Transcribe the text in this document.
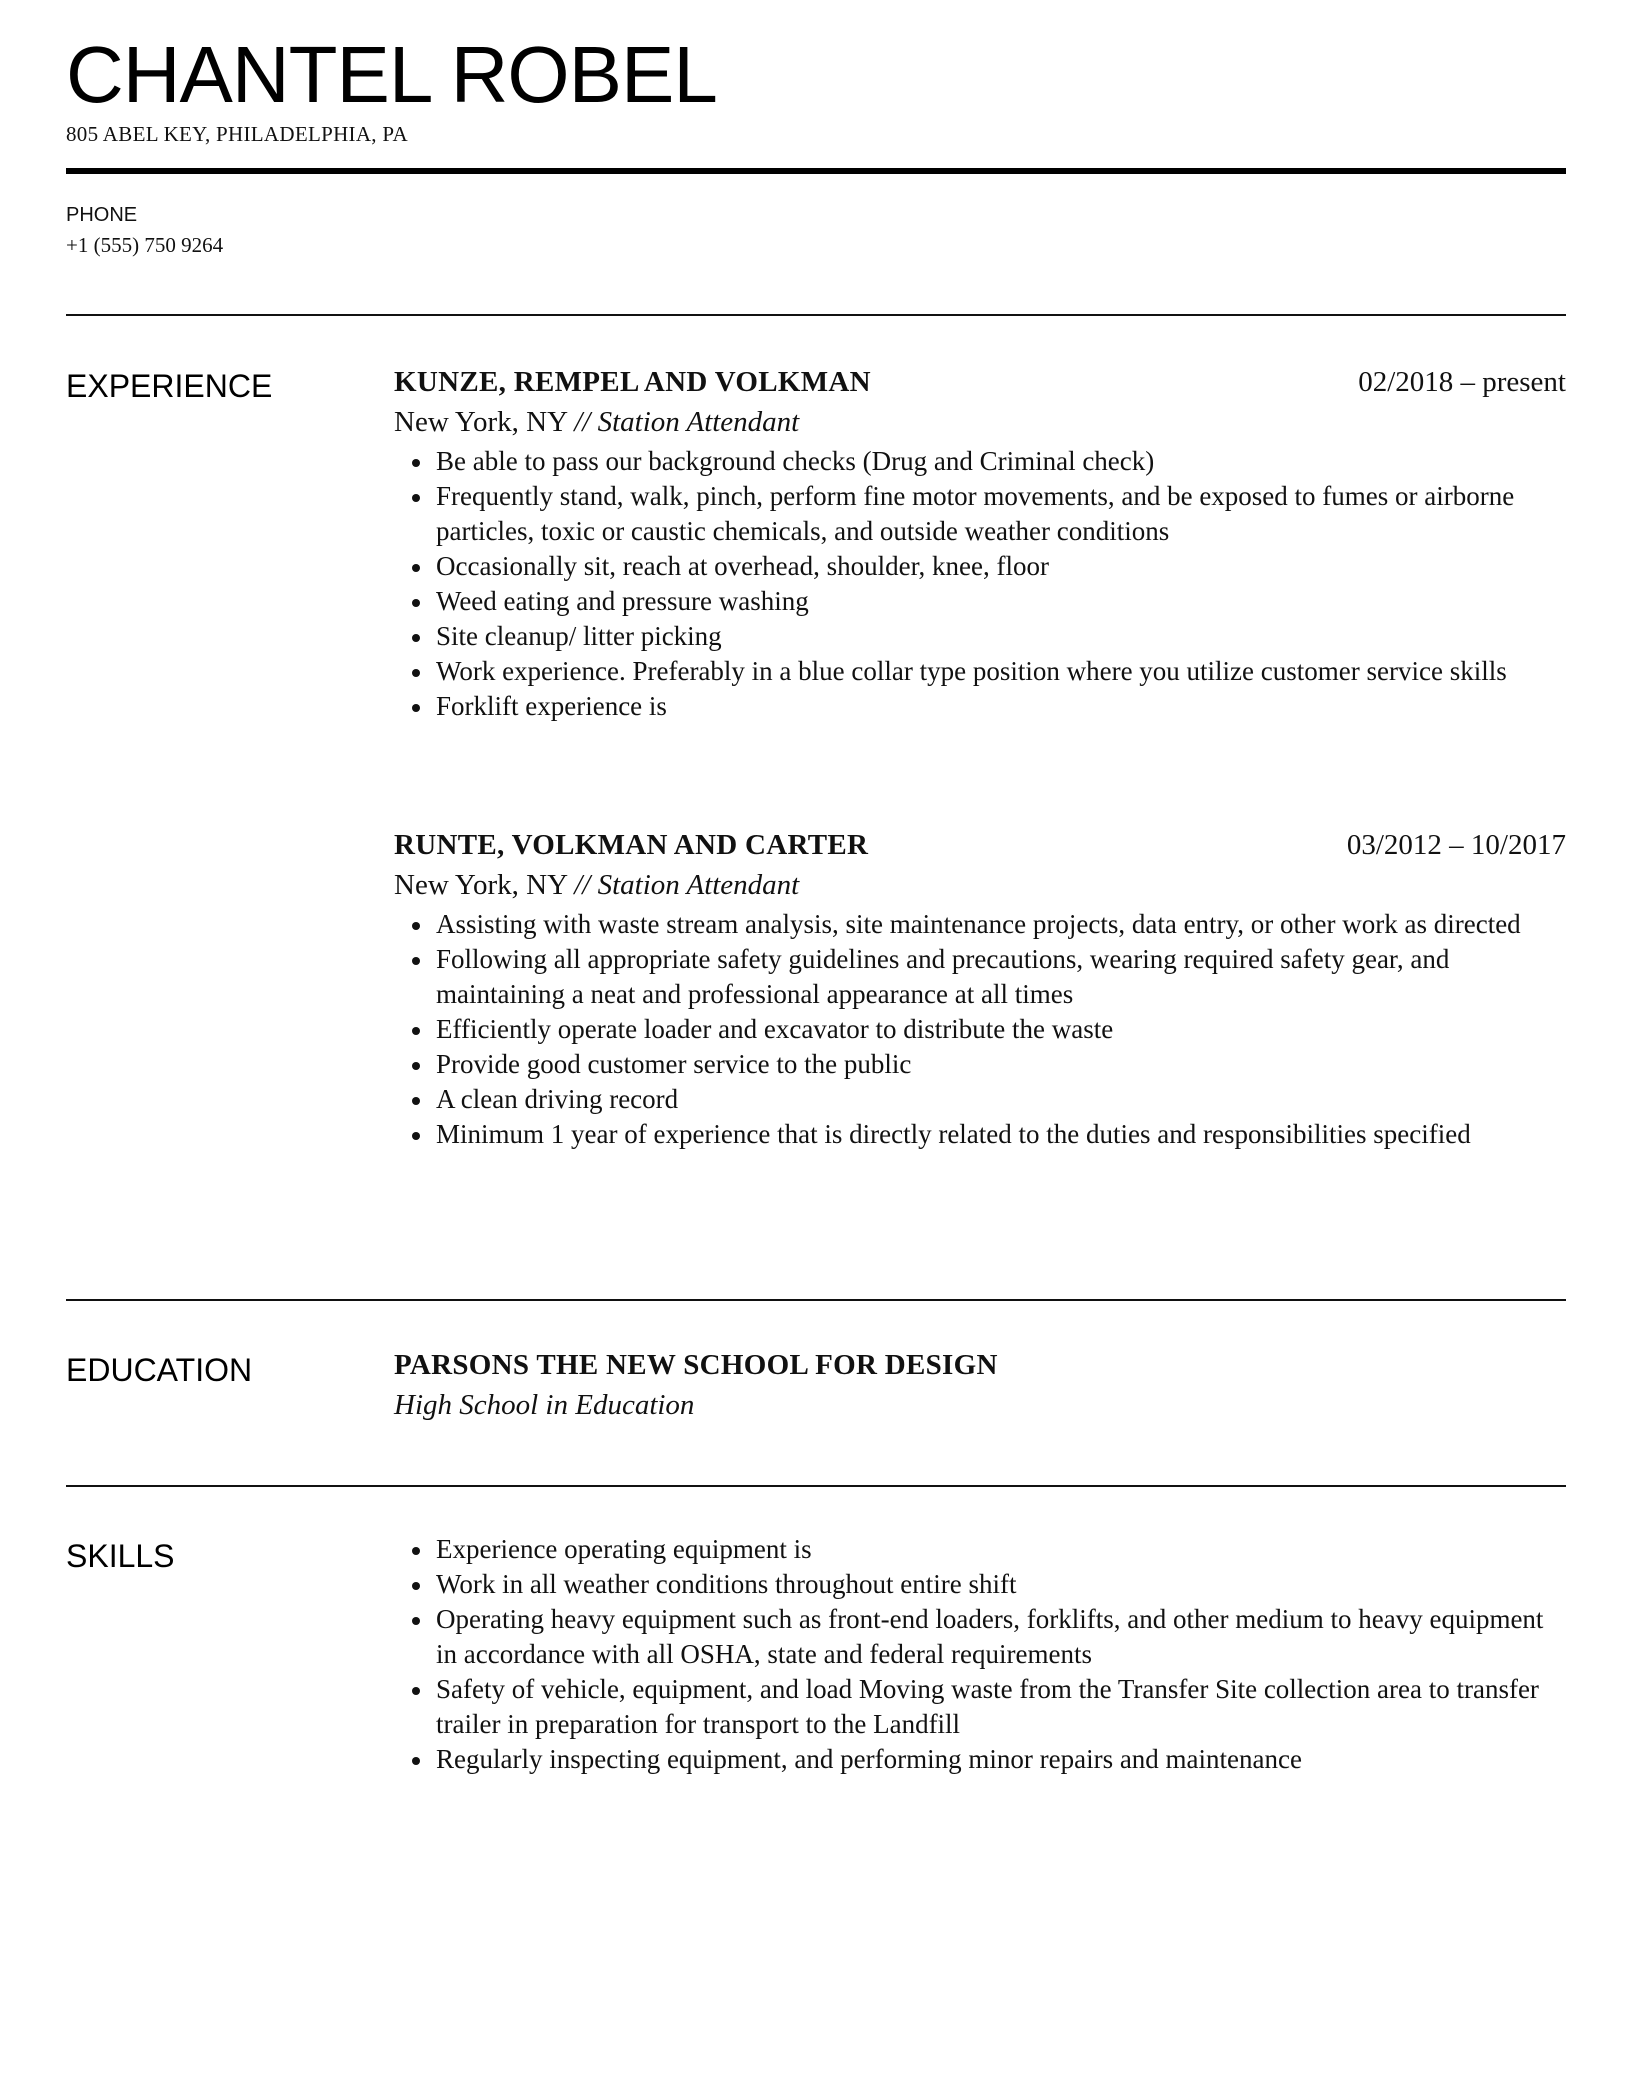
CHANTEL ROBEL
805 ABEL KEY, PHILADELPHIA, PA
PHONE
+1 (555) 750 9264
EXPERIENCE	KUNZE, REMPEL AND VOLKMAN	02/2018 – present
New York, NY // Station Attendant
Be able to pass our background checks (Drug and Criminal check)
Frequently stand, walk, pinch, perform fine motor movements, and be exposed to fumes or airborne particles, toxic or caustic chemicals, and outside weather conditions
Occasionally sit, reach at overhead, shoulder, knee, floor
Weed eating and pressure washing
Site cleanup/ litter picking
Work experience. Preferably in a blue collar type position where you utilize customer service skills
Forklift experience is
RUNTE, VOLKMAN AND CARTER	03/2012 – 10/2017
New York, NY // Station Attendant
Assisting with waste stream analysis, site maintenance projects, data entry, or other work as directed
Following all appropriate safety guidelines and precautions, wearing required safety gear, and maintaining a neat and professional appearance at all times
Efficiently operate loader and excavator to distribute the waste
Provide good customer service to the public
A clean driving record
Minimum 1 year of experience that is directly related to the duties and responsibilities specified
EDUCATION	PARSONS THE NEW SCHOOL FOR DESIGN
High School in Education
SKILLS	Experience operating equipment is
Work in all weather conditions throughout entire shift
Operating heavy equipment such as front-end loaders, forklifts, and other medium to heavy equipment in accordance with all OSHA, state and federal requirements
Safety of vehicle, equipment, and load Moving waste from the Transfer Site collection area to transfer trailer in preparation for transport to the Landfill
Regularly inspecting equipment, and performing minor repairs and maintenance
